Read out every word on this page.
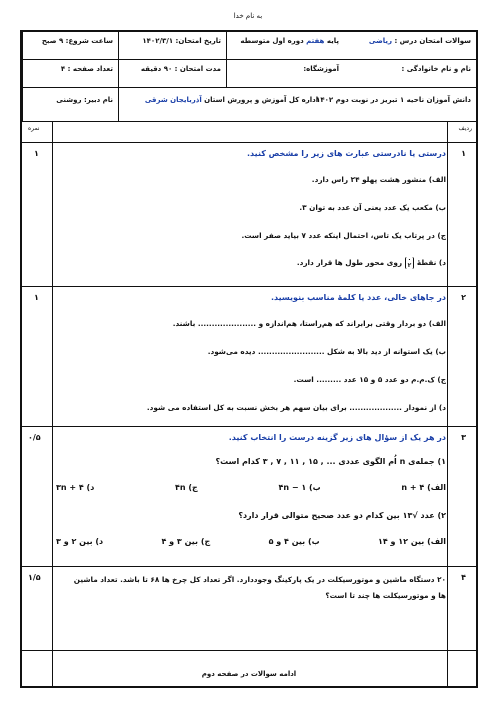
به نام خدا
سوالات امتحان درس : ریاضی
پایه هفتم دوره اول متوسطه
تاریخ امتحان: ۱۴۰۲/۳/۱
ساعت شروع: ۹ صبح
نام و نام خانوادگی :
آموزشگاه:
مدت امتحان : ۹۰ دقیقه
تعداد صفحه : ۴
دانش آموزان ناحیه ۱ تبریز در نوبت دوم ۱۴۰۲
اداره کل آموزش و پرورش استان آذربایجان شرقی
نام دبیر: روشنی
ردیف
نمره
۱
۱	درستی یا نادرستی عبارت های زیر را مشخص کنید.
الف) منشور هشت پهلو ۲۴ راس دارد.
ب) مکعب یک عدد یعنی آن عدد به توان ۳.
ج) در پرتاب یک تاس، احتمال اینکه عدد ۷ بیاید صفر است.
د) نقطهٔ ۰
۲ روی محور طول ها قرار دارد.
۲
۱	در جاهای خالی، عدد یا کلمهٔ مناسب بنویسید.
الف) دو بردار وقتی برابراند که هم‌راستا، هم‌اندازه و ..................... باشند.
ب) یک استوانه از دید بالا به شکل ........................ دیده می‌شود.
ج) ک.م.م دو عدد ۵ و ۱۵ عدد ......... است.
د) از نمودار ................... برای بیان سهم هر بخش نسبت به کل استفاده می شود.
۳
۰/۵	در هر یک از سؤال های زیر گزینه درست را انتخاب کنید.
۱) جمله‌ی n اُم الگوی عددی ... , ۱۵ , ۱۱ , ۷ , ۳ کدام است؟
الف) n + ۴
ب) ۴n − ۱
ج) ۴n
د) ۳n + ۴
۲) عدد √۱۳ بین کدام دو عدد صحیح متوالی قرار دارد؟
الف) بین ۱۲ و ۱۴
ب) بین ۴ و ۵
ج) بین ۳ و ۴
د) بین ۲ و ۳
۴
۱/۵	۲۰ دستگاه ماشین و موتورسیکلت در یک پارکینگ وجوددارد. اگر تعداد کل چرخ ها ۶۸ تا باشد. تعداد ماشین
ها و موتورسیکلت ها چند تا است؟
ادامه سوالات در صفحه دوم
